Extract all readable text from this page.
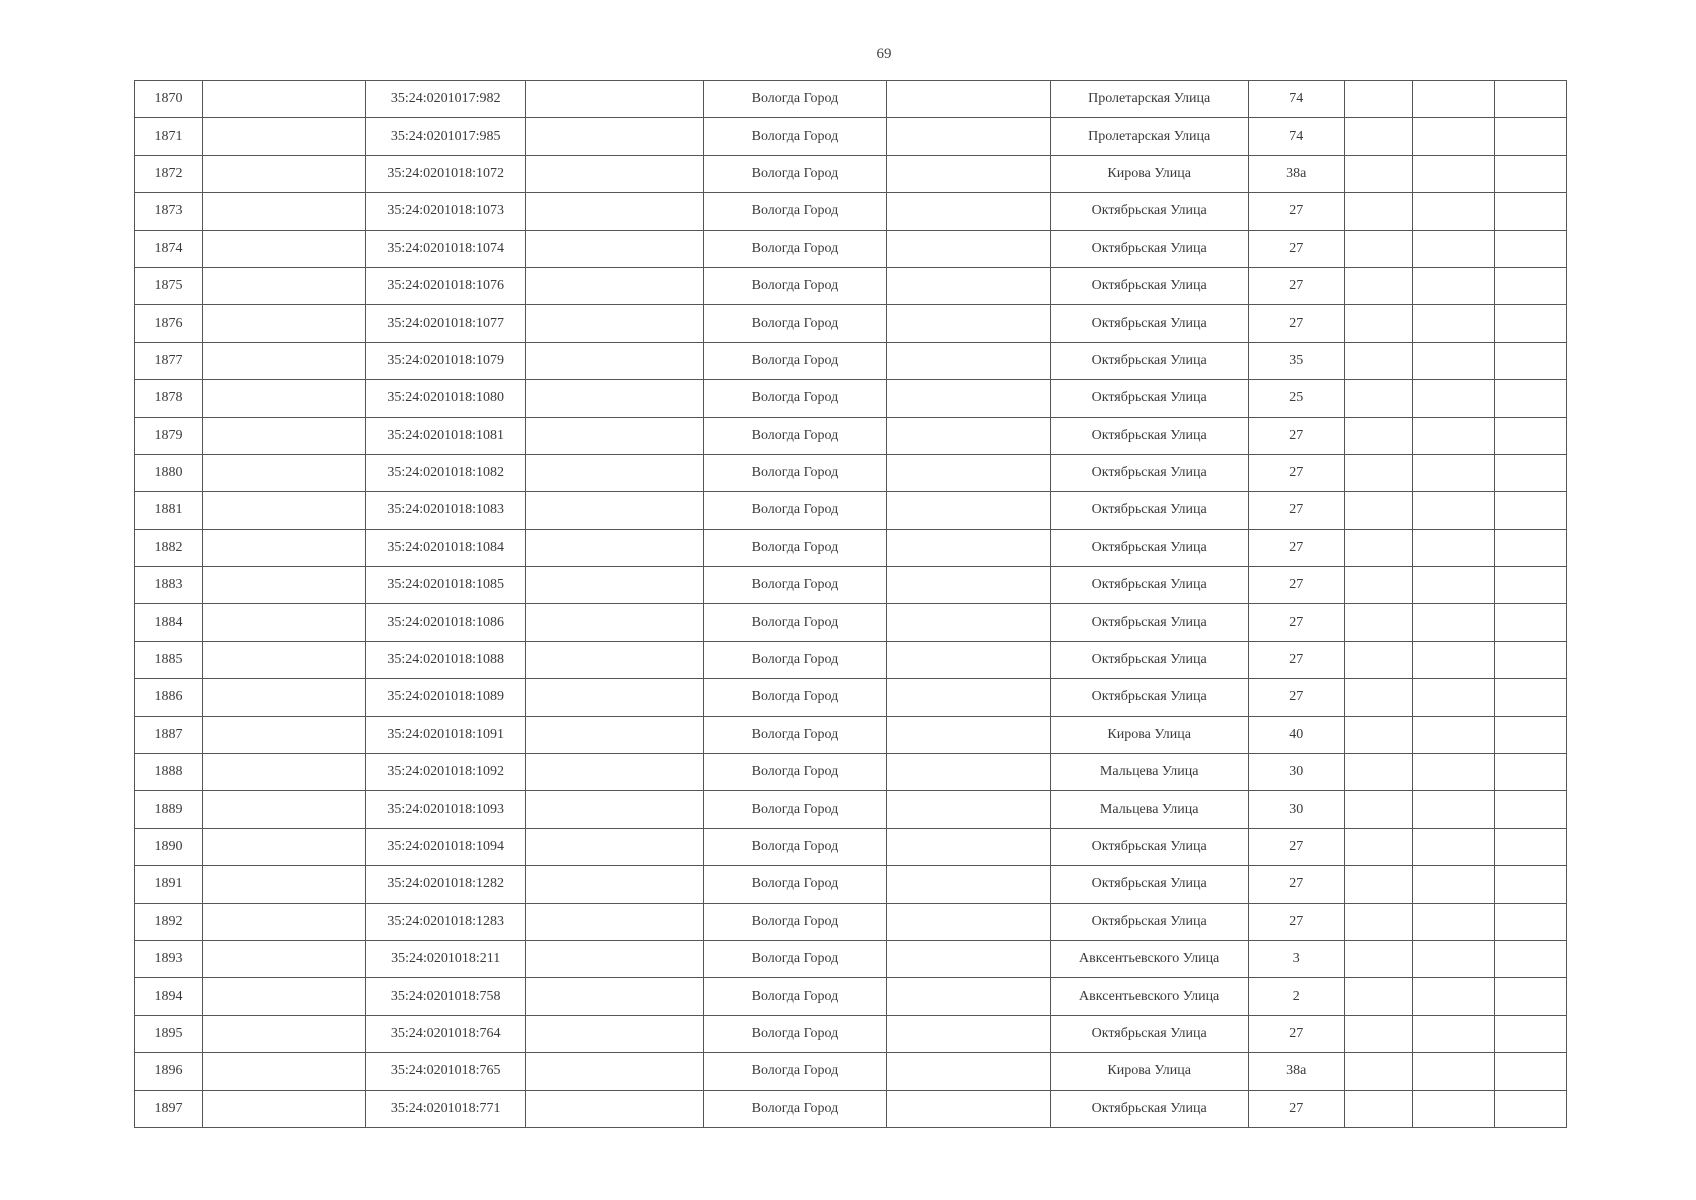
69
1870		35:24:0201017:982		Вологда Город		Пролетарская Улица	74			
1871		35:24:0201017:985		Вологда Город		Пролетарская Улица	74			
1872		35:24:0201018:1072		Вологда Город		Кирова Улица	38а			
1873		35:24:0201018:1073		Вологда Город		Октябрьская Улица	27			
1874		35:24:0201018:1074		Вологда Город		Октябрьская Улица	27			
1875		35:24:0201018:1076		Вологда Город		Октябрьская Улица	27			
1876		35:24:0201018:1077		Вологда Город		Октябрьская Улица	27			
1877		35:24:0201018:1079		Вологда Город		Октябрьская Улица	35			
1878		35:24:0201018:1080		Вологда Город		Октябрьская Улица	25			
1879		35:24:0201018:1081		Вологда Город		Октябрьская Улица	27			
1880		35:24:0201018:1082		Вологда Город		Октябрьская Улица	27			
1881		35:24:0201018:1083		Вологда Город		Октябрьская Улица	27			
1882		35:24:0201018:1084		Вологда Город		Октябрьская Улица	27			
1883		35:24:0201018:1085		Вологда Город		Октябрьская Улица	27			
1884		35:24:0201018:1086		Вологда Город		Октябрьская Улица	27			
1885		35:24:0201018:1088		Вологда Город		Октябрьская Улица	27			
1886		35:24:0201018:1089		Вологда Город		Октябрьская Улица	27			
1887		35:24:0201018:1091		Вологда Город		Кирова Улица	40			
1888		35:24:0201018:1092		Вологда Город		Мальцева Улица	30			
1889		35:24:0201018:1093		Вологда Город		Мальцева Улица	30			
1890		35:24:0201018:1094		Вологда Город		Октябрьская Улица	27			
1891		35:24:0201018:1282		Вологда Город		Октябрьская Улица	27			
1892		35:24:0201018:1283		Вологда Город		Октябрьская Улица	27			
1893		35:24:0201018:211		Вологда Город		Авксентьевского Улица	3			
1894		35:24:0201018:758		Вологда Город		Авксентьевского Улица	2			
1895		35:24:0201018:764		Вологда Город		Октябрьская Улица	27			
1896		35:24:0201018:765		Вологда Город		Кирова Улица	38а			
1897		35:24:0201018:771		Вологда Город		Октябрьская Улица	27			
